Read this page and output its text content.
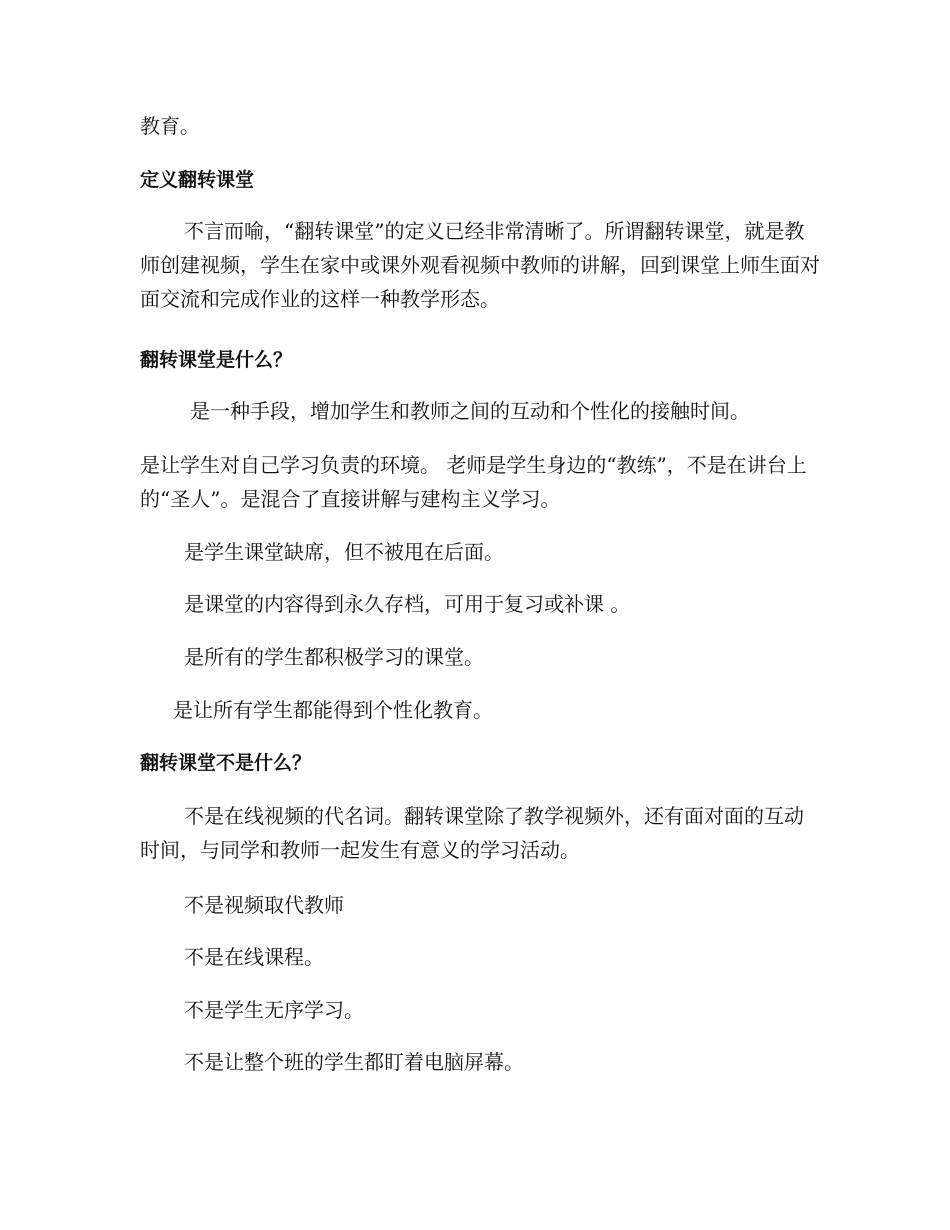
教育。
定义翻转课堂
不言而喻，“翻转课堂”的定义已经非常清晰了。所谓翻转课堂，就是教师创建视频，学生在家中或课外观看视频中教师的讲解，回到课堂上师生面对面交流和完成作业的这样一种教学形态。
翻转课堂是什么？
是一种手段，增加学生和教师之间的互动和个性化的接触时间。
是让学生对自己学习负责的环境。 老师是学生身边的“教练”，不是在讲台上的“圣人”。是混合了直接讲解与建构主义学习。
是学生课堂缺席，但不被甩在后面。
是课堂的内容得到永久存档，可用于复习或补课 。
是所有的学生都积极学习的课堂。
是让所有学生都能得到个性化教育。
翻转课堂不是什么？
不是在线视频的代名词。翻转课堂除了教学视频外，还有面对面的互动时间，与同学和教师一起发生有意义的学习活动。
不是视频取代教师
不是在线课程。
不是学生无序学习。
不是让整个班的学生都盯着电脑屏幕。
